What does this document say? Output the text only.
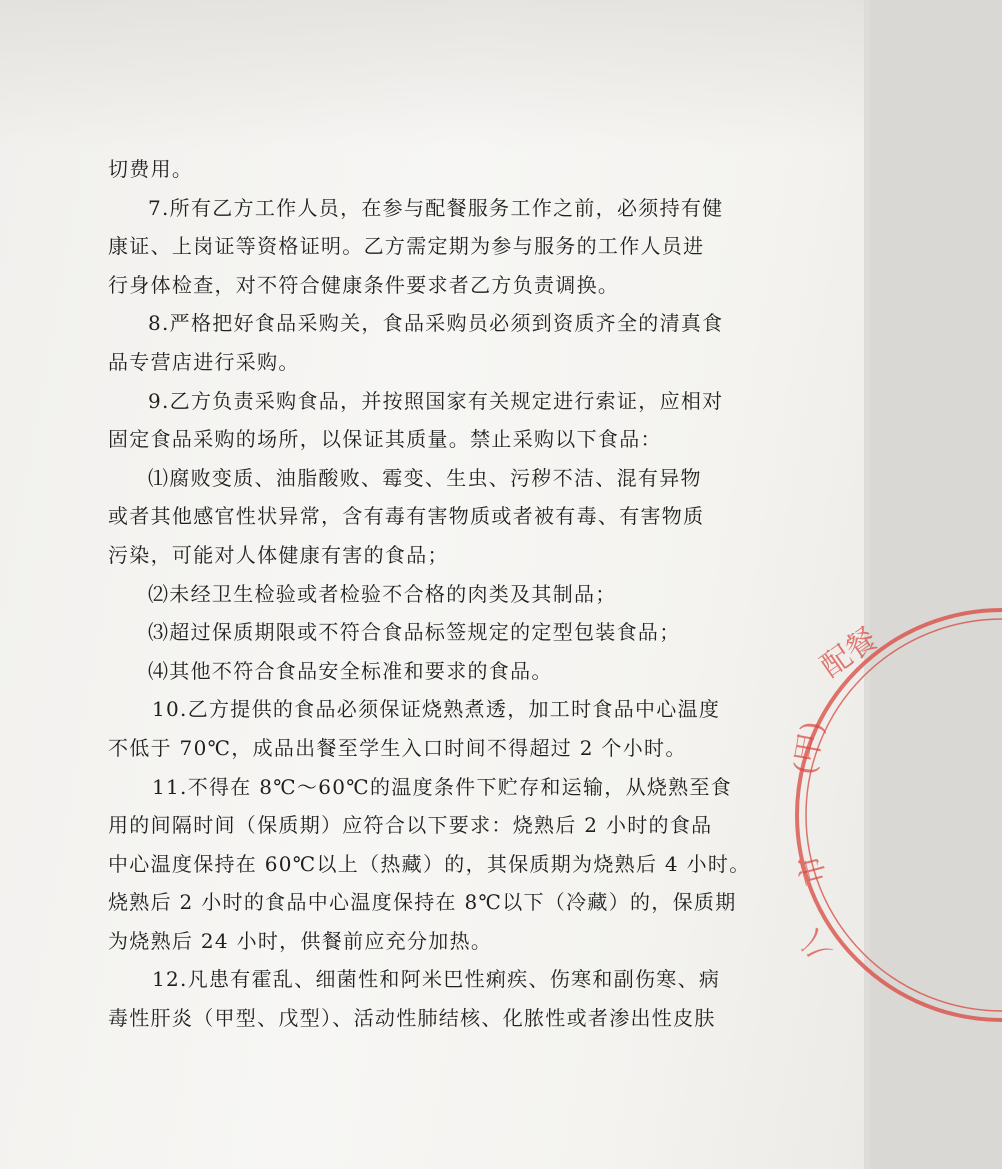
切费用。
7.所有乙方工作人员，在参与配餐服务工作之前，必须持有健
康证、上岗证等资格证明。乙方需定期为参与服务的工作人员进
行身体检查，对不符合健康条件要求者乙方负责调换。
8.严格把好食品采购关，食品采购员必须到资质齐全的清真食
品专营店进行采购。
9.乙方负责采购食品，并按照国家有关规定进行索证，应相对
固定食品采购的场所，以保证其质量。禁止采购以下食品：
⑴腐败变质、油脂酸败、霉变、生虫、污秽不洁、混有异物
或者其他感官性状异常，含有毒有害物质或者被有毒、有害物质
污染，可能对人体健康有害的食品；
⑵未经卫生检验或者检验不合格的肉类及其制品；
⑶超过保质期限或不符合食品标签规定的定型包装食品；
⑷其他不符合食品安全标准和要求的食品。
10.乙方提供的食品必须保证烧熟煮透，加工时食品中心温度
不低于 70℃，成品出餐至学生入口时间不得超过 2 个小时。
11.不得在 8℃～60℃的温度条件下贮存和运输，从烧熟至食
用的间隔时间（保质期）应符合以下要求：烧熟后 2 小时的食品
中心温度保持在 60℃以上（热藏）的，其保质期为烧熟后 4 小时。
烧熟后 2 小时的食品中心温度保持在 8℃以下（冷藏）的，保质期
为烧熟后 24 小时，供餐前应充分加热。
12.凡患有霍乱、细菌性和阿米巴性痢疾、伤寒和副伤寒、病
毒性肝炎（甲型、戊型）、活动性肺结核、化脓性或者渗出性皮肤
配餐
(甲)
市
八
